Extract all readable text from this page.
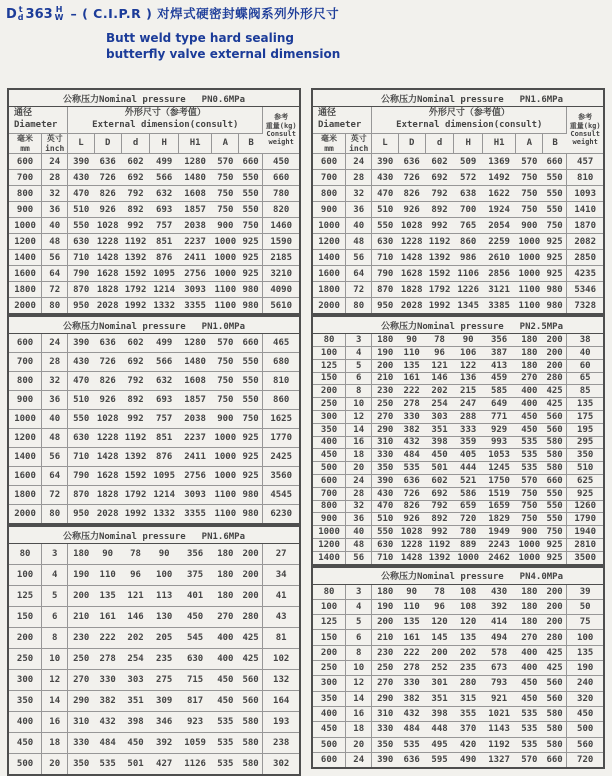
D t
d 363 H
W – ( C.I.P.R ) 对焊式硬密封蝶阀系列外形尺寸
Butt weld type hard sealing
butterfly valve external dimension
公称压力Nominal pressure PN0.6MPa									
通径
Diameter		外形尺寸（参考值）
External dimension(consult)							参考
重量(kg)
Consult
weight
毫米
mm	英寸
inch	L	D	d	H	H1	A	B	
600	24	390	636	602	499	1280	570	660	450
700	28	430	726	692	566	1480	750	550	660
800	32	470	826	792	632	1608	750	550	780
900	36	510	926	892	693	1857	750	550	820
1000	40	550	1028	992	757	2038	900	750	1460
1200	48	630	1228	1192	851	2237	1000	925	1590
1400	56	710	1428	1392	876	2411	1000	925	2185
1600	64	790	1628	1592	1095	2756	1000	925	3210
1800	72	870	1828	1792	1214	3093	1100	980	4090
2000	80	950	2028	1992	1332	3355	1100	980	5610
公称压力Nominal pressure PN1.0MPa									
600	24	390	636	602	499	1280	570	660	465
700	28	430	726	692	566	1480	750	550	680
800	32	470	826	792	632	1608	750	550	810
900	36	510	926	892	693	1857	750	550	860
1000	40	550	1028	992	757	2038	900	750	1625
1200	48	630	1228	1192	851	2237	1000	925	1770
1400	56	710	1428	1392	876	2411	1000	925	2425
1600	64	790	1628	1592	1095	2756	1000	925	3560
1800	72	870	1828	1792	1214	3093	1100	980	4545
2000	80	950	2028	1992	1332	3355	1100	980	6230
公称压力Nominal pressure PN1.6MPa									
80	3	180	90	78	90	356	180	200	27
100	4	190	110	96	100	375	180	200	34
125	5	200	135	121	113	401	180	200	41
150	6	210	161	146	130	450	270	280	43
200	8	230	222	202	205	545	400	425	81
250	10	250	278	254	235	630	400	425	102
300	12	270	330	303	275	715	450	560	132
350	14	290	382	351	309	817	450	560	164
400	16	310	432	398	346	923	535	580	193
450	18	330	484	450	392	1059	535	580	238
500	20	350	535	501	427	1126	535	580	302
公称压力Nominal pressure PN1.6MPa									
通径
Diameter		外形尺寸（参考值）
External dimension(consult)							参考
重量(kg)
Consult
weight
毫米
mm	英寸
inch	L	D	d	H	H1	A	B	
600	24	390	636	602	509	1369	570	660	457
700	28	430	726	692	572	1492	750	550	810
800	32	470	826	792	638	1622	750	550	1093
900	36	510	926	892	700	1924	750	550	1410
1000	40	550	1028	992	765	2054	900	750	1870
1200	48	630	1228	1192	860	2259	1000	925	2082
1400	56	710	1428	1392	986	2610	1000	925	2850
1600	64	790	1628	1592	1106	2856	1000	925	4235
1800	72	870	1828	1792	1226	3121	1100	980	5346
2000	80	950	2028	1992	1345	3385	1100	980	7328
公称压力Nominal pressure PN2.5MPa									
80	3	180	90	78	90	356	180	200	38
100	4	190	110	96	106	387	180	200	40
125	5	200	135	121	122	413	180	200	60
150	6	210	161	146	136	459	270	280	65
200	8	230	222	202	215	585	400	425	85
250	10	250	278	254	247	649	400	425	135
300	12	270	330	303	288	771	450	560	175
350	14	290	382	351	333	929	450	560	195
400	16	310	432	398	359	993	535	580	295
450	18	330	484	450	405	1053	535	580	350
500	20	350	535	501	444	1245	535	580	510
600	24	390	636	602	521	1750	570	660	625
700	28	430	726	692	586	1519	750	550	925
800	32	470	826	792	659	1659	750	550	1260
900	36	510	926	892	720	1829	750	550	1790
1000	40	550	1028	992	780	1949	900	750	1940
1200	48	630	1228	1192	889	2243	1000	925	2810
1400	56	710	1428	1392	1000	2462	1000	925	3500
公称压力Nominal pressure PN4.0MPa									
80	3	180	90	78	108	430	180	200	39
100	4	190	110	96	108	392	180	200	50
125	5	200	135	120	120	414	180	200	75
150	6	210	161	145	135	494	270	280	100
200	8	230	222	200	202	578	400	425	135
250	10	250	278	252	235	673	400	425	190
300	12	270	330	301	280	793	450	560	240
350	14	290	382	351	315	921	450	560	320
400	16	310	432	398	355	1021	535	580	450
450	18	330	484	448	370	1143	535	580	500
500	20	350	535	495	420	1192	535	580	560
600	24	390	636	595	490	1327	570	660	720
